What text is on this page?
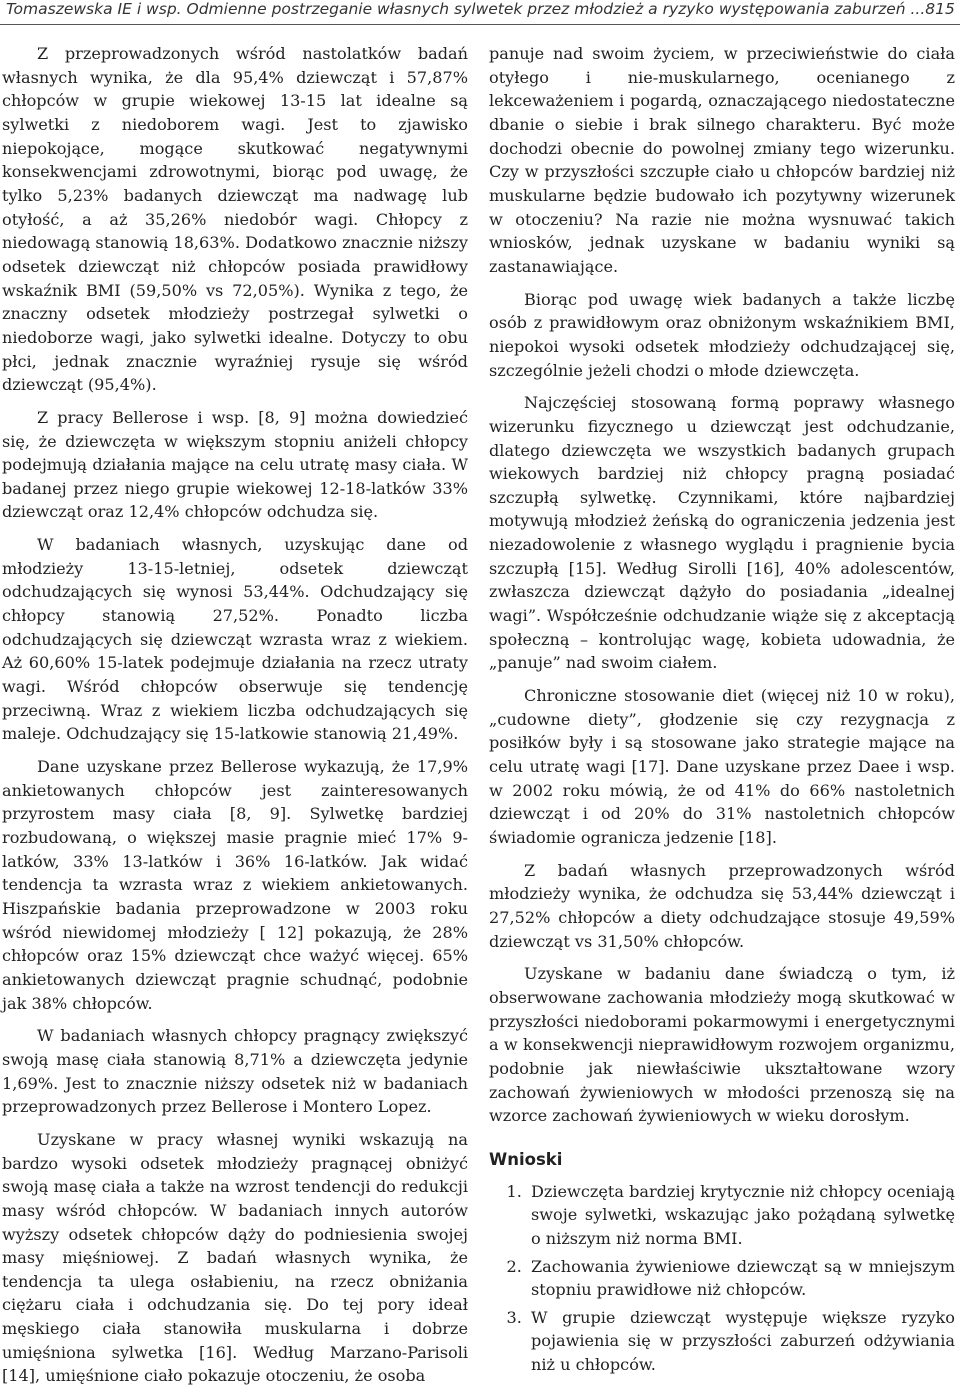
Tomaszewska IE i wsp. Odmienne postrzeganie własnych sylwetek przez młodzież a ryzyko występowania zaburzeń ... 815

Z przeprowadzonych wśród nastolatków badań własnych wynika, że dla 95,4% dziewcząt i 57,87% chłopców w grupie wiekowej 13-15 lat idealne są sylwetki z niedoborem wagi. Jest to zjawisko niepokojące, mogące skutkować negatywnymi konsekwencjami zdrowotnymi, biorąc pod uwagę, że tylko 5,23% badanych dziewcząt ma nadwagę lub otyłość, a aż 35,26% niedobór wagi. Chłopcy z niedowagą stanowią 18,63%. Dodatkowo znacznie niższy odsetek dziewcząt niż chłopców posiada prawidłowy wskaźnik BMI (59,50% vs 72,05%). Wynika z tego, że znaczny odsetek młodzieży postrzegał sylwetki o niedoborze wagi, jako sylwetki idealne. Dotyczy to obu płci, jednak znacznie wyraźniej rysuje się wśród dziewcząt (95,4%).

Z pracy Bellerose i wsp. [8, 9] można dowiedzieć się, że dziewczęta w większym stopniu aniżeli chłopcy podejmują działania mające na celu utratę masy ciała. W badanej przez niego grupie wiekowej 12-18-latków 33% dziewcząt oraz 12,4% chłopców odchudza się.

W badaniach własnych, uzyskując dane od młodzieży 13-15-letniej, odsetek dziewcząt odchudzających się wynosi 53,44%. Odchudzający się chłopcy stanowią 27,52%. Ponadto liczba odchudzających się dziewcząt wzrasta wraz z wiekiem. Aż 60,60% 15-latek podejmuje działania na rzecz utraty wagi. Wśród chłopców obserwuje się tendencję przeciwną. Wraz z wiekiem liczba odchudzających się maleje. Odchudzający się 15-latkowie stanowią 21,49%.

Dane uzyskane przez Bellerose wykazują, że 17,9% ankietowanych chłopców jest zainteresowanych przyrostem masy ciała [8, 9]. Sylwetkę bardziej rozbudowaną, o większej masie pragnie mieć 17% 9-latków, 33% 13-latków i 36% 16-latków. Jak widać tendencja ta wzrasta wraz z wiekiem ankietowanych. Hiszpańskie badania przeprowadzone w 2003 roku wśród niewidomej młodzieży [ 12] pokazują, że 28% chłopców oraz 15% dziewcząt chce ważyć więcej. 65% ankietowanych dziewcząt pragnie schudnąć, podobnie jak 38% chłopców.

W badaniach własnych chłopcy pragnący zwiększyć swoją masę ciała stanowią 8,71% a dziewczęta jedynie 1,69%. Jest to znacznie niższy odsetek niż w badaniach przeprowadzonych przez Bellerose i Montero Lopez.

Uzyskane w pracy własnej wyniki wskazują na bardzo wysoki odsetek młodzieży pragnącej obniżyć swoją masę ciała a także na wzrost tendencji do redukcji masy wśród chłopców. W badaniach innych autorów wyższy odsetek chłopców dąży do podniesienia swojej masy mięśniowej. Z badań własnych wynika, że tendencja ta ulega osłabieniu, na rzecz obniżania ciężaru ciała i odchudzania się. Do tej pory ideał męskiego ciała stanowiła muskularna i dobrze umięśniona sylwetka [16]. Według Marzano-Parisoli [14], umięśnione ciało pokazuje otoczeniu, że osoba

panuje nad swoim życiem, w przeciwieństwie do ciała otyłego i nie-muskularnego, ocenianego z lekceważeniem i pogardą, oznaczającego niedostateczne dbanie o siebie i brak silnego charakteru. Być może dochodzi obecnie do powolnej zmiany tego wizerunku. Czy w przyszłości szczupłe ciało u chłopców bardziej niż muskularne będzie budowało ich pozytywny wizerunek w otoczeniu? Na razie nie można wysnuwać takich wniosków, jednak uzyskane w badaniu wyniki są zastanawiające.

Biorąc pod uwagę wiek badanych a także liczbę osób z prawidłowym oraz obniżonym wskaźnikiem BMI, niepokoi wysoki odsetek młodzieży odchudzającej się, szczególnie jeżeli chodzi o młode dziewczęta.

Najczęściej stosowaną formą poprawy własnego wizerunku fizycznego u dziewcząt jest odchudzanie, dlatego dziewczęta we wszystkich badanych grupach wiekowych bardziej niż chłopcy pragną posiadać szczupłą sylwetkę. Czynnikami, które najbardziej motywują młodzież żeńską do ograniczenia jedzenia jest niezadowolenie z własnego wyglądu i pragnienie bycia szczupłą [15]. Według Sirolli [16], 40% adolescentów, zwłaszcza dziewcząt dążyło do posiadania „idealnej wagi”. Współcześnie odchudzanie wiąże się z akceptacją społeczną – kontrolując wagę, kobieta udowadnia, że „panuje” nad swoim ciałem.

Chroniczne stosowanie diet (więcej niż 10 w roku), „cudowne diety”, głodzenie się czy rezygnacja z posiłków były i są stosowane jako strategie mające na celu utratę wagi [17]. Dane uzyskane przez Daee i wsp. w 2002 roku mówią, że od 41% do 66% nastoletnich dziewcząt i od 20% do 31% nastoletnich chłopców świadomie ogranicza jedzenie [18].

Z badań własnych przeprowadzonych wśród młodzieży wynika, że odchudza się 53,44% dziewcząt i 27,52% chłopców a diety odchudzające stosuje 49,59% dziewcząt vs 31,50% chłopców.

Uzyskane w badaniu dane świadczą o tym, iż obserwowane zachowania młodzieży mogą skutkować w przyszłości niedoborami pokarmowymi i energetycznymi a w konsekwencji nieprawidłowym rozwojem organizmu, podobnie jak niewłaściwie ukształtowane wzory zachowań żywieniowych w młodości przenoszą się na wzorce zachowań żywieniowych w wieku dorosłym.

Wnioski
1. Dziewczęta bardziej krytycznie niż chłopcy oceniają swoje sylwetki, wskazując jako pożądaną sylwetkę o niższym niż norma BMI.
2. Zachowania żywieniowe dziewcząt są w mniejszym stopniu prawidłowe niż chłopców.
3. W grupie dziewcząt występuje większe ryzyko pojawienia się w przyszłości zaburzeń odżywiania niż u chłopców.
